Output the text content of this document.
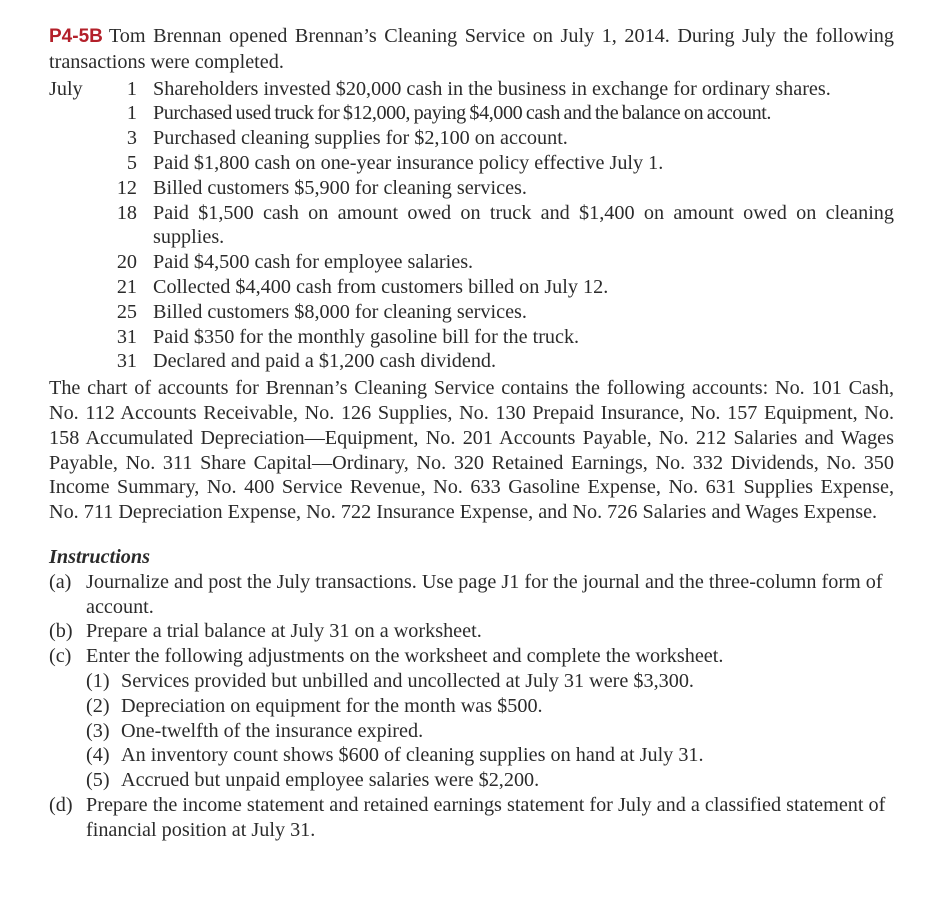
P4-5B Tom Brennan opened Brennan’s Cleaning Service on July 1, 2014. During July the following transactions were completed.

July	1 Shareholders invested $20,000 cash in the business in exchange for ordinary shares.
1 Purchased used truck for $12,000, paying $4,000 cash and the balance on account.
3 Purchased cleaning supplies for $2,100 on account.
5 Paid $1,800 cash on one-year insurance policy effective July 1.
12 Billed customers $5,900 for cleaning services.
18 Paid $1,500 cash on amount owed on truck and $1,400 on amount owed on cleaning supplies.
20 Paid $4,500 cash for employee salaries.
21 Collected $4,400 cash from customers billed on July 12.
25 Billed customers $8,000 for cleaning services.
31 Paid $350 for the monthly gasoline bill for the truck.
31 Declared and paid a $1,200 cash dividend.

The chart of accounts for Brennan’s Cleaning Service contains the following accounts: No. 101 Cash, No. 112 Accounts Receivable, No. 126 Supplies, No. 130 Prepaid Insurance, No. 157 Equipment, No. 158 Accumulated Depreciation—Equipment, No. 201 Accounts Payable, No. 212 Salaries and Wages Payable, No. 311 Share Capital—Ordinary, No. 320 Retained Earnings, No. 332 Dividends, No. 350 Income Summary, No. 400 Service Revenue, No. 633 Gasoline Expense, No. 631 Supplies Expense, No. 711 Depreciation Expense, No. 722 Insurance Expense, and No. 726 Salaries and Wages Expense.

Instructions
(a) Journalize and post the July transactions. Use page J1 for the journal and the three-column form of account.
(b) Prepare a trial balance at July 31 on a worksheet.
(c) Enter the following adjustments on the worksheet and complete the worksheet.
(1) Services provided but unbilled and uncollected at July 31 were $3,300.
(2) Depreciation on equipment for the month was $500.
(3) One-twelfth of the insurance expired.
(4) An inventory count shows $600 of cleaning supplies on hand at July 31.
(5) Accrued but unpaid employee salaries were $2,200.
(d) Prepare the income statement and retained earnings statement for July and a classified statement of financial position at July 31.
